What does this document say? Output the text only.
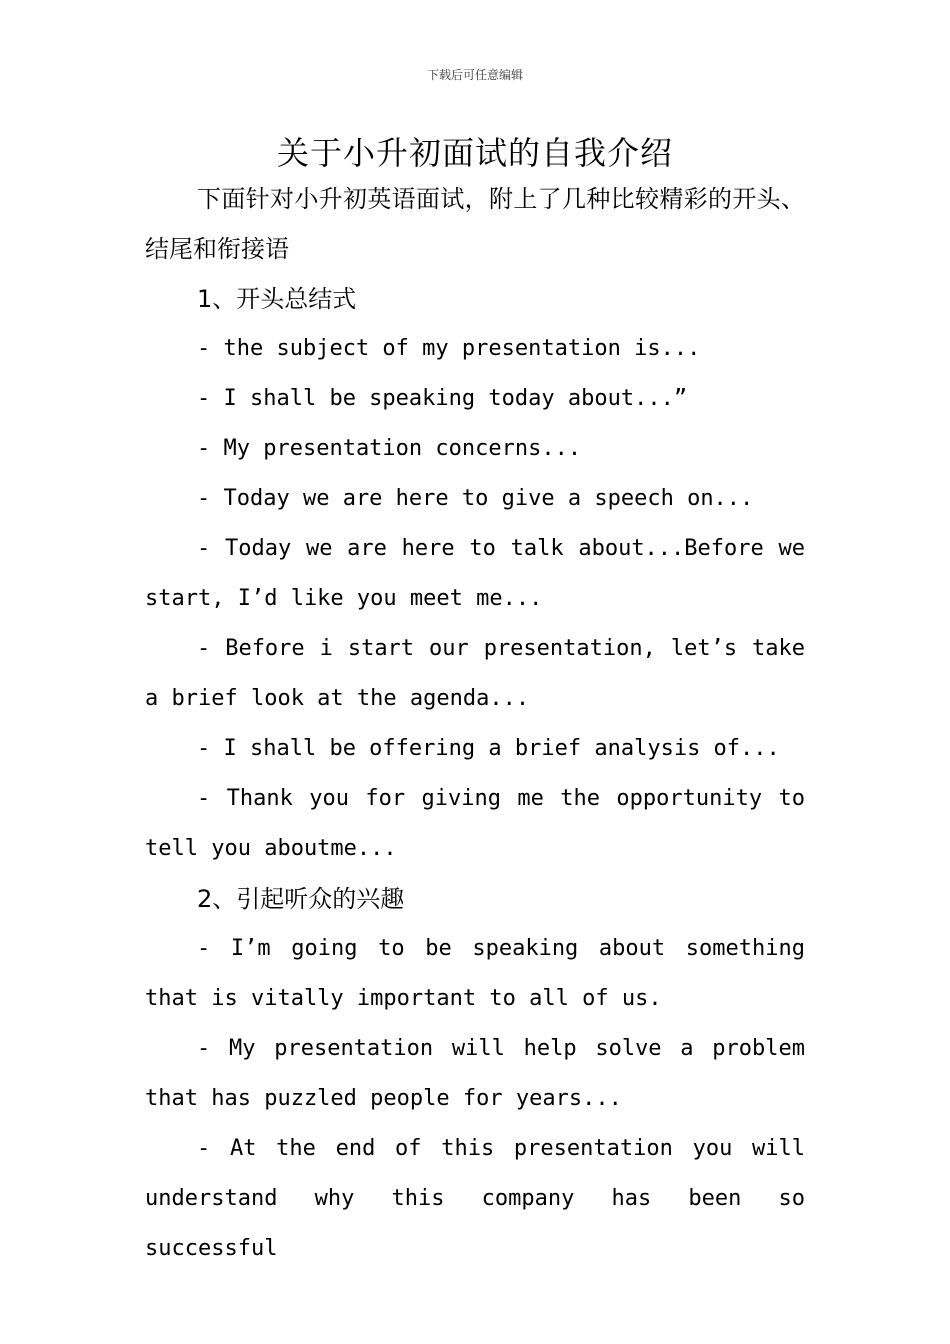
下载后可任意编辑
关于小升初面试的自我介绍

下面针对小升初英语面试，附上了几种比较精彩的开头、结尾和衔接语

1、开头总结式

- the subject of my presentation is...

- I shall be speaking today about...”

- My presentation concerns...

- Today we are here to give a speech on...

- Today we are here to talk about...Before we start, I’d like you meet me...

- Before i start our presentation, let’s take a brief look at the agenda...

- I shall be offering a brief analysis of...

- Thank you for giving me the opportunity to tell you aboutme...

2、引起听众的兴趣

- I’m going to be speaking about something that is vitally important to all of us.

- My presentation will help solve a problem that has puzzled people for years...

- At the end of this presentation you will understand why this company has been so successful
